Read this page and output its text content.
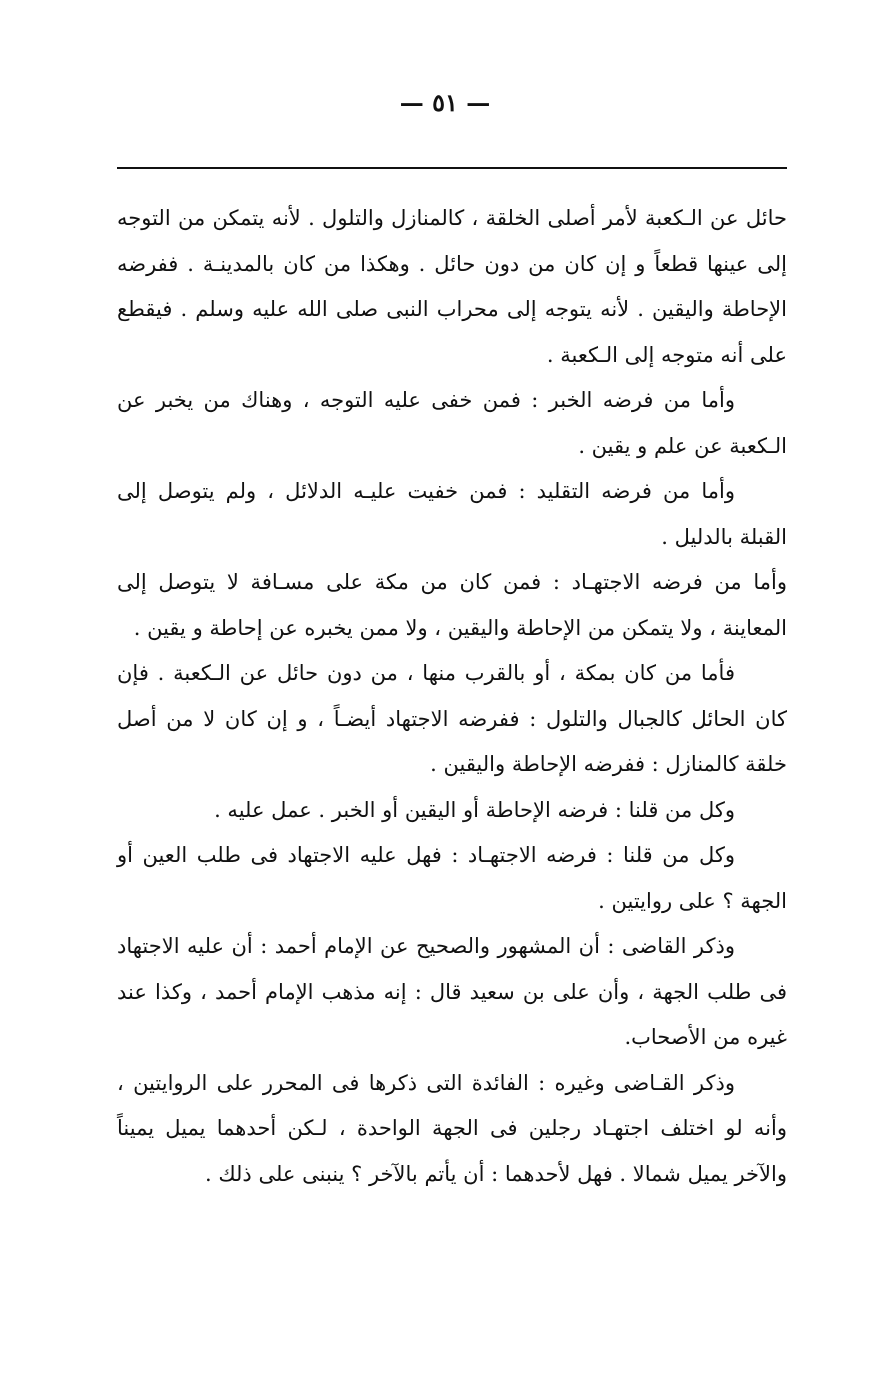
— ٥١ —

حائل عن الـكعبة لأمر أصلى الخلقة ، كالمنازل والتلول . لأنه يتمكن من التوجه إلى عينها قطعاً و إن كان من دون حائل . وهكذا من كان بالمدينـة . ففرضه الإحاطة واليقين . لأنه يتوجه إلى محراب النبى صلى الله عليه وسلم . فيقطع على أنه متوجه إلى الـكعبة .

وأما من فرضه الخبر : فمن خفى عليه التوجه ، وهناك من يخبر عن الـكعبة عن علم و يقين .

وأما من فرضه التقليد : فمن خفيت عليـه الدلائل ، ولم يتوصل إلى القبلة بالدليل .

وأما من فرضه الاجتهـاد : فمن كان من مكة على مسـافة لا يتوصل إلى المعاينة ، ولا يتمكن من الإحاطة واليقين ، ولا ممن يخبره عن إحاطة و يقين .

فأما من كان بمكة ، أو بالقرب منها ، من دون حائل عن الـكعبة . فإن كان الحائل كالجبال والتلول : ففرضه الاجتهاد أيضـاً ، و إن كان لا من أصل خلقة كالمنازل : ففرضه الإحاطة واليقين .

وكل من قلنا : فرضه الإحاطة أو اليقين أو الخبر . عمل عليه .

وكل من قلنا : فرضه الاجتهـاد : فهل عليه الاجتهاد فى طلب العين أو الجهة ؟ على روايتين .

وذكر القاضى : أن المشهور والصحيح عن الإمام أحمد : أن عليه الاجتهاد فى طلب الجهة ، وأن على بن سعيد قال : إنه مذهب الإمام أحمد ، وكذا عند غيره من الأصحاب.

وذكر القـاضى وغيره : الفائدة التى ذكرها فى المحرر على الروايتين ، وأنه لو اختلف اجتهـاد رجلين فى الجهة الواحدة ، لـكن أحدهما يميل يميناً والآخر يميل شمالا . فهل لأحدهما : أن يأتم بالآخر ؟ ينبنى على ذلك .
